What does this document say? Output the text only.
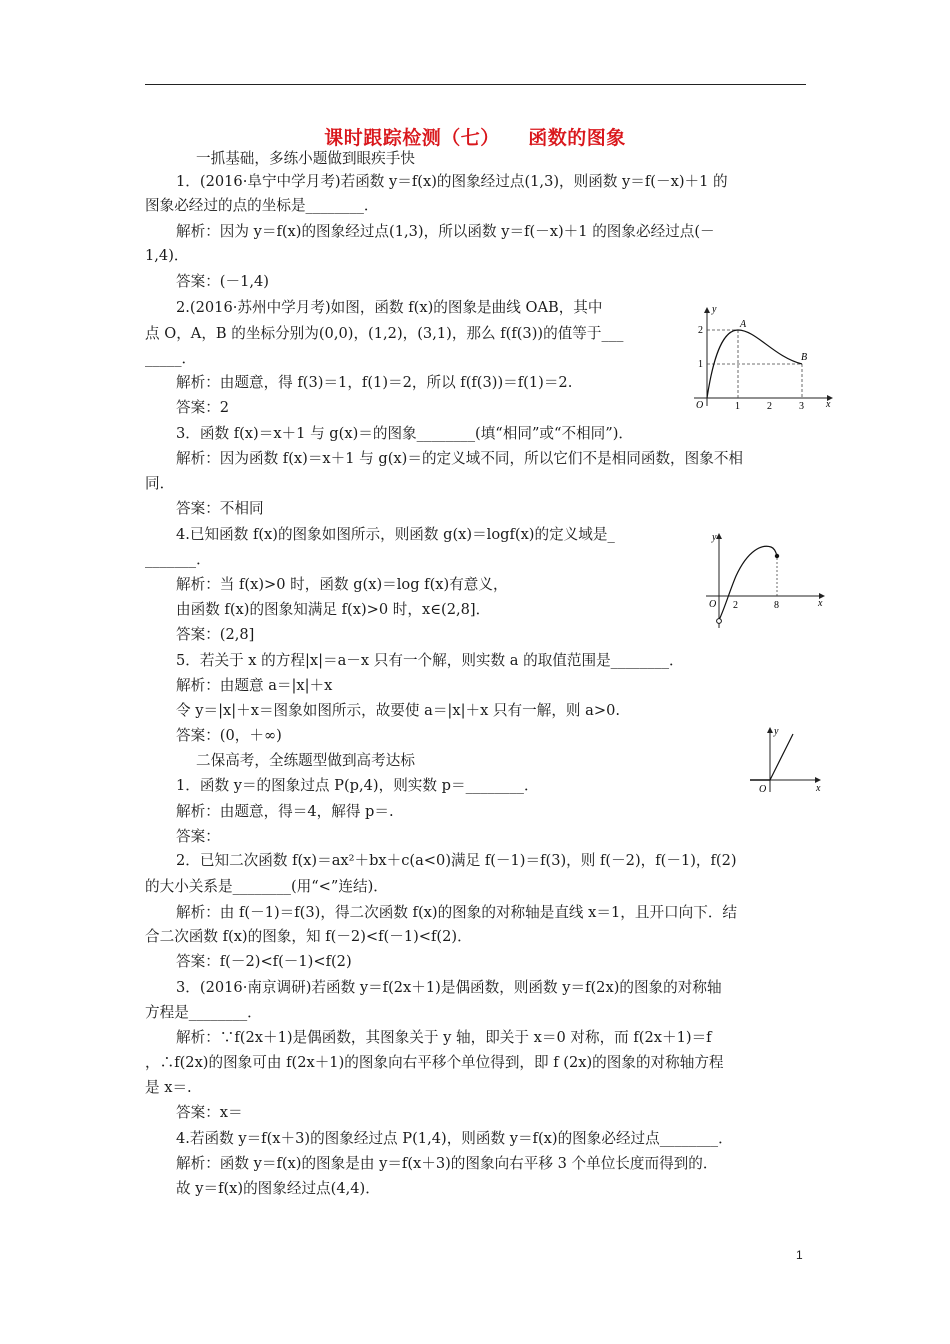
课时跟踪检测（七）    函数的图象
一抓基础，多练小题做到眼疾手快
1．(2016·阜宁中学月考)若函数 y＝f(x)的图象经过点(1,3)，则函数 y＝f(－x)＋1 的
图象必经过的点的坐标是________．
解析：因为 y＝f(x)的图象经过点(1,3)，所以函数 y＝f(－x)＋1 的图象必经过点(－
1,4)．
答案：(－1,4)
2.(2016·苏州中学月考)如图，函数 f(x)的图象是曲线 OAB，其中
点 O，A，B 的坐标分别为(0,0)，(1,2)，(3,1)，那么 f(f(3))的值等于___
_____．
解析：由题意，得 f(3)＝1，f(1)＝2，所以 f(f(3))＝f(1)＝2.
答案：2
3．函数 f(x)＝x＋1 与 g(x)＝的图象________(填“相同”或“不相同”)．
解析：因为函数 f(x)＝x＋1 与 g(x)＝的定义域不同，所以它们不是相同函数，图象不相
同．
答案：不相同
4.已知函数 f(x)的图象如图所示，则函数 g(x)＝logf(x)的定义域是_
_______．
解析：当 f(x)>0 时，函数 g(x)＝log f(x)有意义，
由函数 f(x)的图象知满足 f(x)>0 时，x∈(2,8]．
答案：(2,8]
5．若关于 x 的方程|x|＝a－x 只有一个解，则实数 a 的取值范围是________．
解析：由题意 a＝|x|＋x
令 y＝|x|＋x＝图象如图所示，故要使 a＝|x|＋x 只有一解，则 a>0.
答案：(0，＋∞)
二保高考，全练题型做到高考达标
1．函数 y＝的图象过点 P(p,4)，则实数 p＝________．
解析：由题意，得＝4，解得 p＝.
答案：
2．已知二次函数 f(x)＝ax²＋bx＋c(a<0)满足 f(－1)＝f(3)，则 f(－2)，f(－1)，f(2)
的大小关系是________(用“<”连结)．
解析：由 f(－1)＝f(3)，得二次函数 f(x)的图象的对称轴是直线 x＝1，且开口向下．结
合二次函数 f(x)的图象，知 f(－2)<f(－1)<f(2)．
答案：f(－2)<f(－1)<f(2)
3．(2016·南京调研)若函数 y＝f(2x＋1)是偶函数，则函数 y＝f(2x)的图象的对称轴
方程是________．
解析：∵f(2x＋1)是偶函数，其图象关于 y 轴，即关于 x＝0 对称，而 f(2x＋1)＝f
，∴f(2x)的图象可由 f(2x＋1)的图象向右平移个单位得到，即 f (2x)的图象的对称轴方程
是 x＝.
答案：x＝
4.若函数 y＝f(x＋3)的图象经过点 P(1,4)，则函数 y＝f(x)的图象必经过点________．
解析：函数 y＝f(x)的图象是由 y＝f(x＋3)的图象向右平移 3 个单位长度而得到的．
故 y＝f(x)的图象经过点(4,4)．
y
x
O
A
B
2
1
1	2	3
y
x
O 2	8
y
x
O
1
